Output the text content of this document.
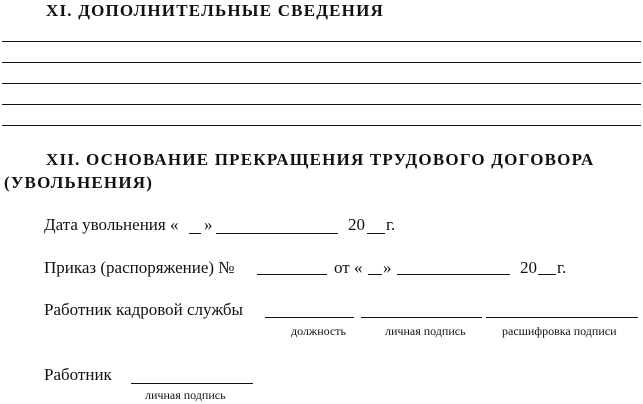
XI. ДОПОЛНИТЕЛЬНЫЕ СВЕДЕНИЯ
XII. ОСНОВАНИЕ ПРЕКРАЩЕНИЯ ТРУДОВОГО ДОГОВОРА
(УВОЛЬНЕНИЯ)
Дата увольнения « »	20 г.
Приказ (распоряжение) №	от « »	20 г.
Работник кадровой службы
должность	личная подпись	расшифровка подписи
Работник
личная подпись
